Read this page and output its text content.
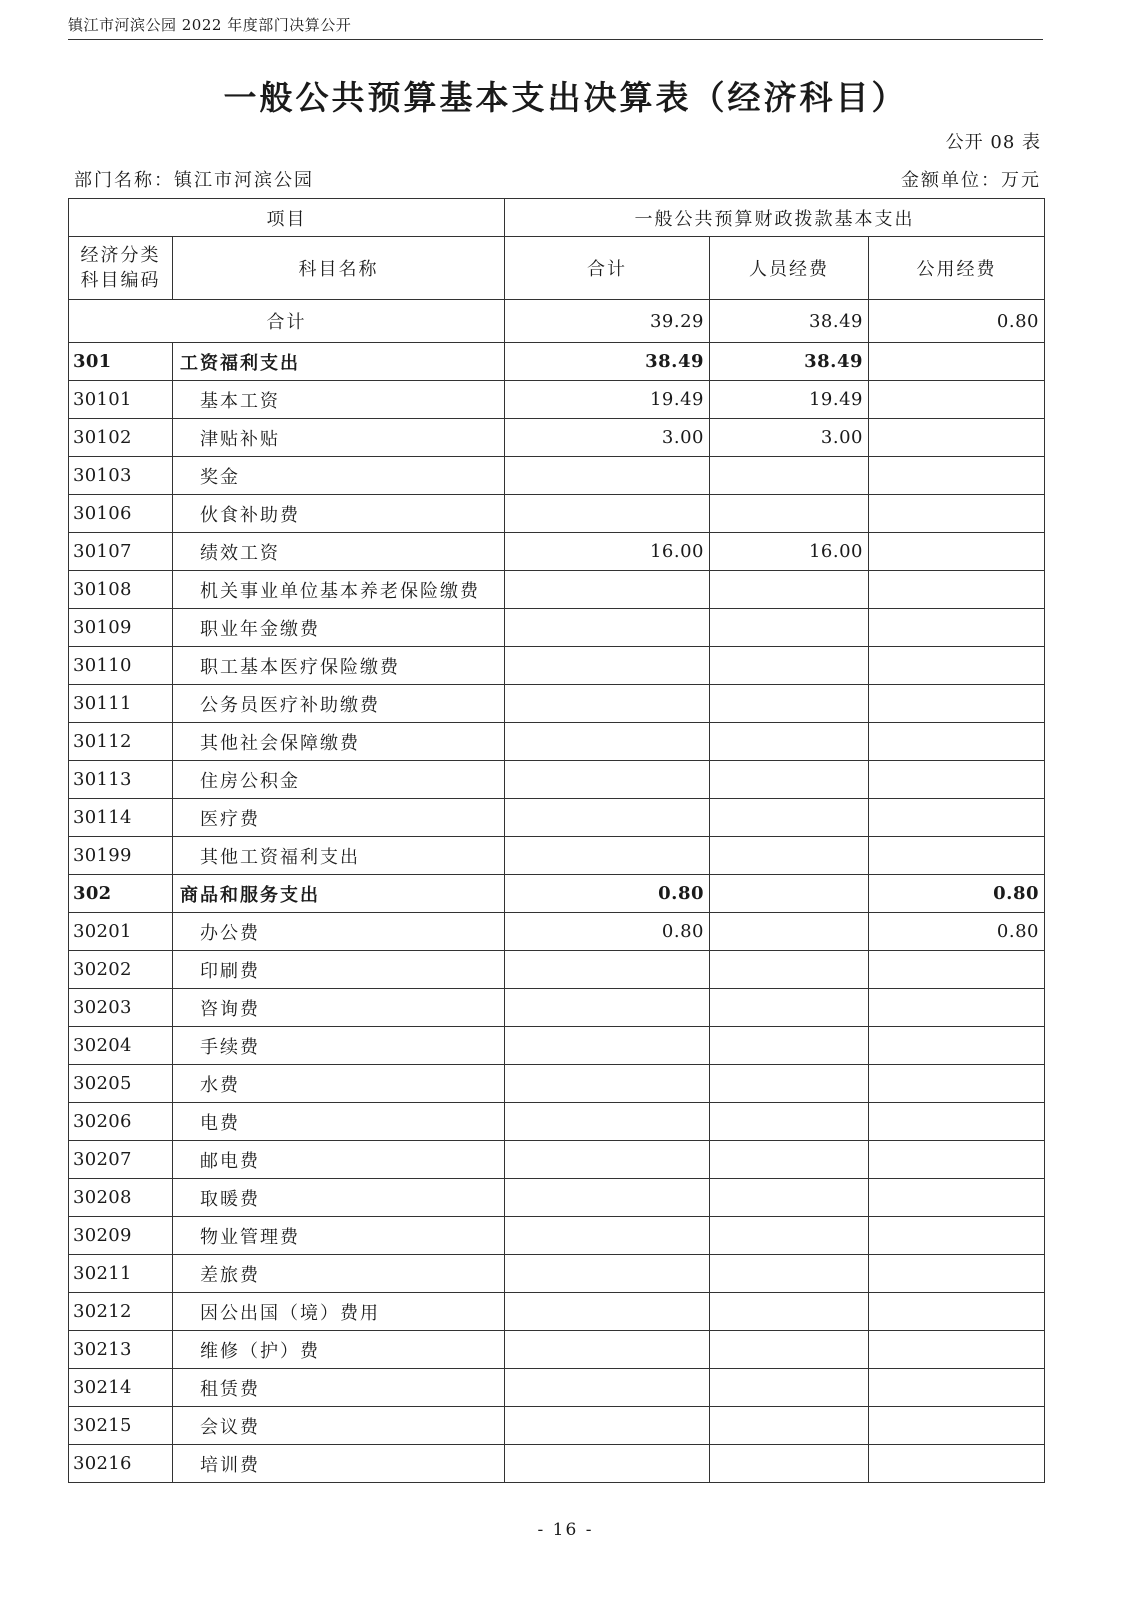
镇江市河滨公园 2022 年度部门决算公开
一般公共预算基本支出决算表（经济科目）
公开 08 表
部门名称：镇江市河滨公园	金额单位：万元
项目		一般公共预算财政拨款基本支出		
经济分类
科目编码	科目名称	合计	人员经费	公用经费
合计		39.29	38.49	0.80
301	工资福利支出	38.49	38.49	
30101	基本工资	19.49	19.49	
30102	津贴补贴	3.00	3.00	
30103	奖金			
30106	伙食补助费			
30107	绩效工资	16.00	16.00	
30108	机关事业单位基本养老保险缴费			
30109	职业年金缴费			
30110	职工基本医疗保险缴费			
30111	公务员医疗补助缴费			
30112	其他社会保障缴费			
30113	住房公积金			
30114	医疗费			
30199	其他工资福利支出			
302	商品和服务支出	0.80		0.80
30201	办公费	0.80		0.80
30202	印刷费			
30203	咨询费			
30204	手续费			
30205	水费			
30206	电费			
30207	邮电费			
30208	取暖费			
30209	物业管理费			
30211	差旅费			
30212	因公出国（境）费用			
30213	维修（护）费			
30214	租赁费			
30215	会议费			
30216	培训费			
- 16 -
